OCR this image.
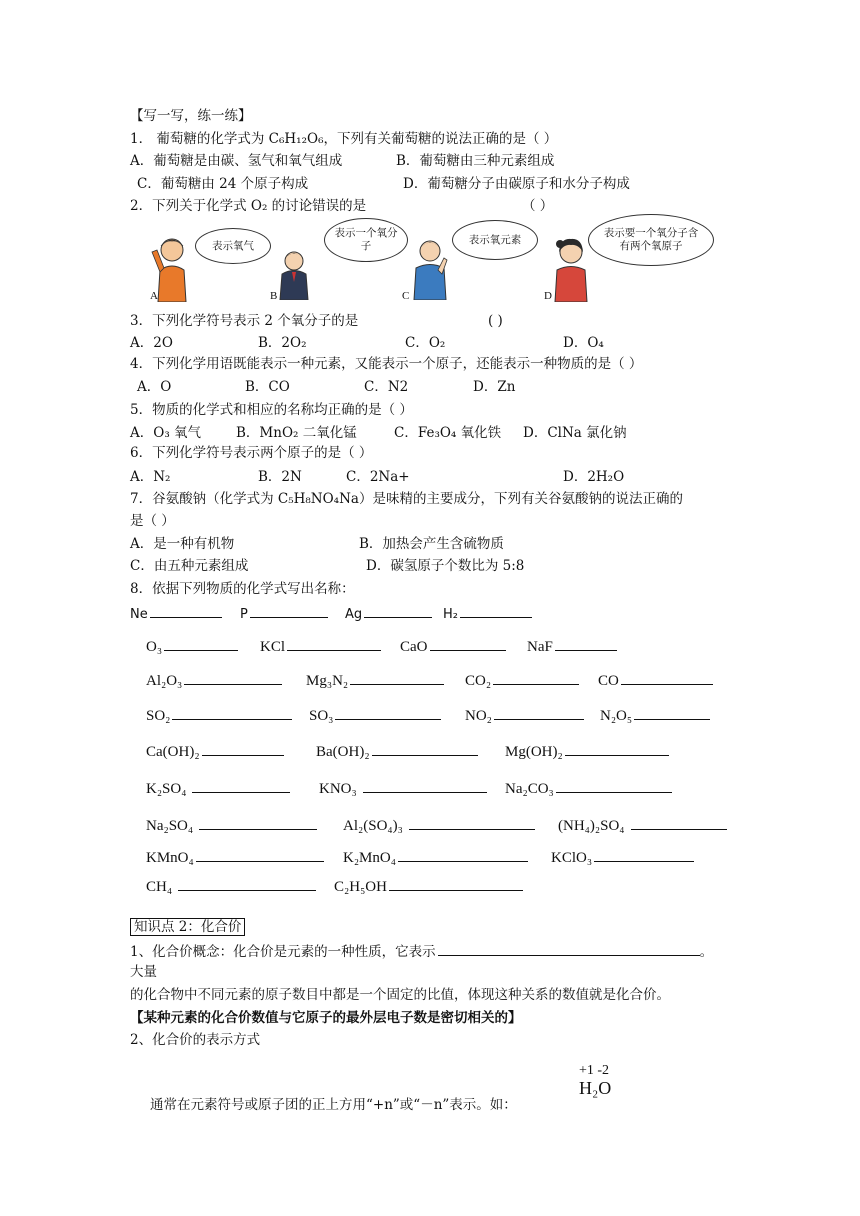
【写一写，练一练】
1． 葡萄糖的化学式为 C₆H₁₂O₆，下列有关葡萄糖的说法正确的是（ ）
A．葡萄糖是由碳、氢气和氧气组成	B．葡萄糖由三种元素组成
C．葡萄糖由 24 个原子构成	D．葡萄糖分子由碳原子和水分子构成
2．下列关于化学式 O₂ 的讨论错误的是	（ ）
A
表示氧气
B
表示一个氧分子
C
表示氧元素
D
表示要一个氧分子含有两个氧原子
3．下列化学符号表示 2 个氧分子的是	( )
A．2O	B．2O₂	C．O₂	D．O₄
4．下列化学用语既能表示一种元素，又能表示一个原子，还能表示一种物质的是（ ）
A．O	B．CO	C．N2	D．Zn
5．物质的化学式和相应的名称均正确的是（ ）
A．O₃ 氧气	B．MnO₂ 二氧化锰	C．Fe₃O₄ 氧化铁 D．ClNa 氯化钠
6．下列化学符号表示两个原子的是（ ）
A．N₂	B．2N	C．2Na+	D．2H₂O
7．谷氨酸钠（化学式为 C₅H₈NO₄Na）是味精的主要成分，下列有关谷氨酸钠的说法正确的
是（ ）
A．是一种有机物	B．加热会产生含硫物质
C．由五种元素组成	D．碳氢原子个数比为 5:8
8．依据下列物质的化学式写出名称：
Ne	P	Ag	H₂
O₃	KCl	CaO	NaF
Al₂O₃	Mg₃N₂	CO₂	CO
SO₂	SO₃	NO₂	N₂O₅
Ca(OH)₂	Ba(OH)₂	Mg(OH)₂
K₂SO₄	KNO₃	Na₂CO₃
Na₂SO₄	Al₂(SO₄)₃	(NH₄)₂SO₄
KMnO₄	K₂MnO₄	KClO₃
CH₄	C₂H₅OH
知识点 2：化合价
1、化合价概念：化合价是元素的一种性质，它表示	。
大量
的化合物中不同元素的原子数目中都是一个固定的比值，体现这种关系的数值就是化合价。
【某种元素的化合价数值与它原子的最外层电子数是密切相关的】
2、化合价的表示方式
+1 -2
H₂O
通常在元素符号或原子团的正上方用“+n”或“－n”表示。如：
